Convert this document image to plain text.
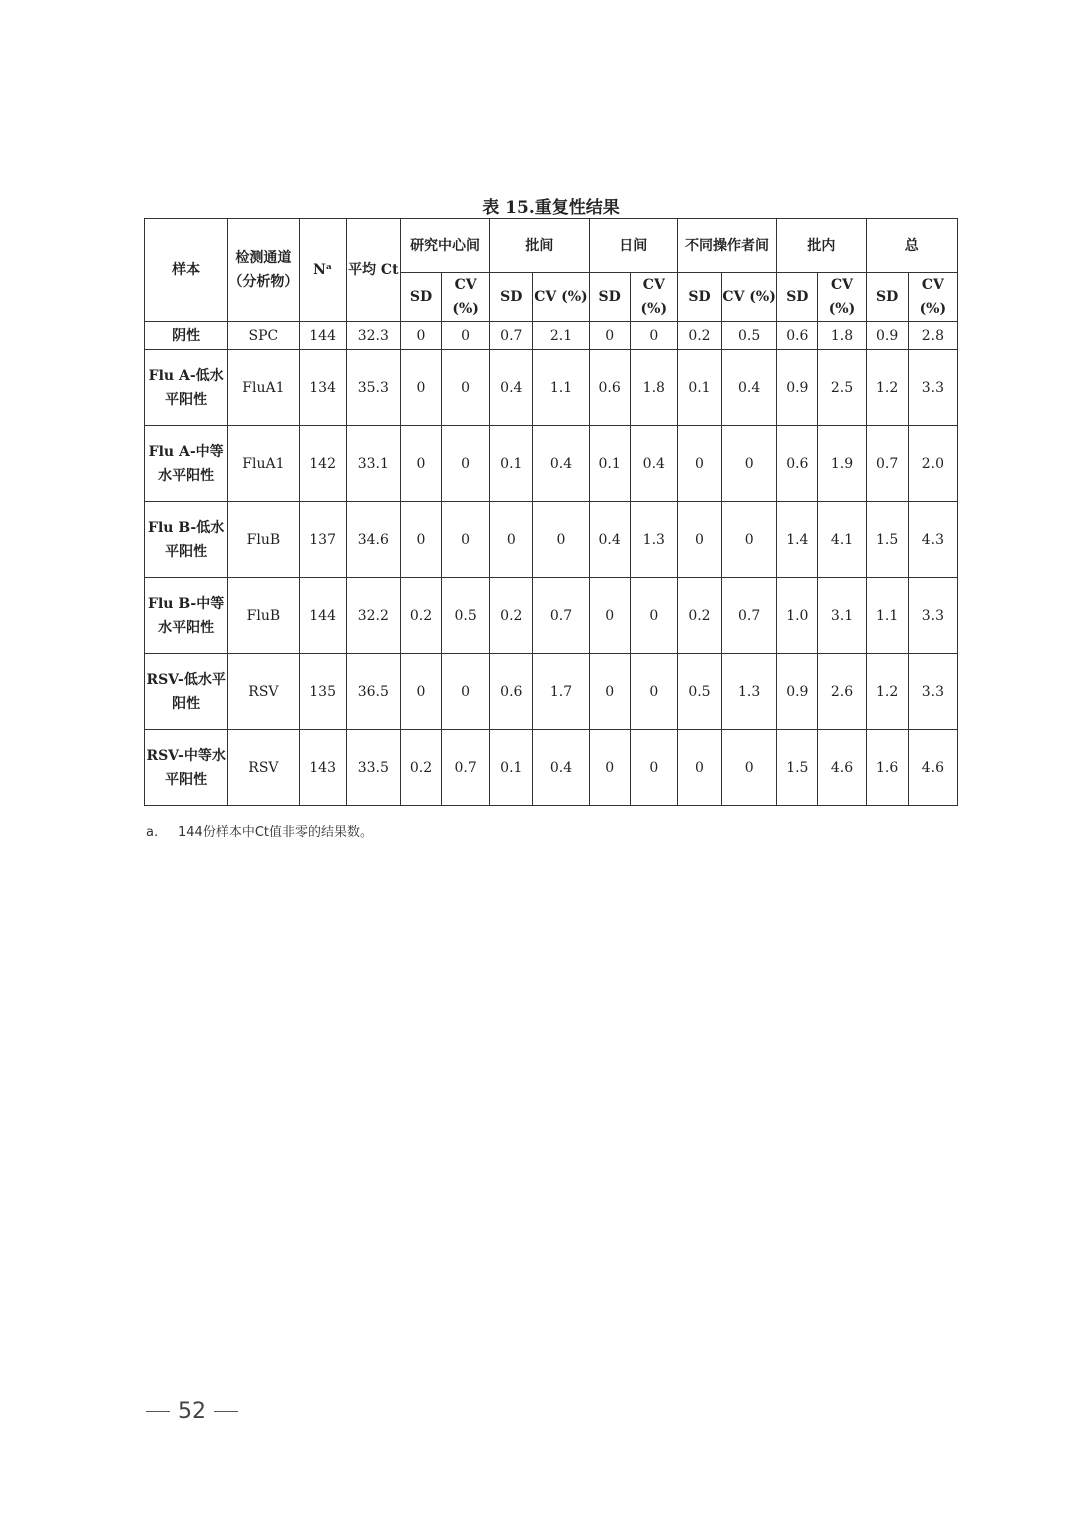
表 15.重复性结果
样本	检测通道（分析物）	Nᵃ	平均 Ct	研究中心间		批间		日间		不同操作者间		批内		总	
				SD	CV (%)	SD	CV (%)	SD	CV (%)	SD	CV (%)	SD	CV (%)	SD	CV (%)
阴性	SPC	144	32.3	0	0	0.7	2.1	0	0	0.2	0.5	0.6	1.8	0.9	2.8
Flu A-低水平阳性	FluA1	134	35.3	0	0	0.4	1.1	0.6	1.8	0.1	0.4	0.9	2.5	1.2	3.3
Flu A-中等水平阳性	FluA1	142	33.1	0	0	0.1	0.4	0.1	0.4	0	0	0.6	1.9	0.7	2.0
Flu B-低水平阳性	FluB	137	34.6	0	0	0	0	0.4	1.3	0	0	1.4	4.1	1.5	4.3
Flu B-中等水平阳性	FluB	144	32.2	0.2	0.5	0.2	0.7	0	0	0.2	0.7	1.0	3.1	1.1	3.3
RSV-低水平阳性	RSV	135	36.5	0	0	0.6	1.7	0	0	0.5	1.3	0.9	2.6	1.2	3.3
RSV-中等水平阳性	RSV	143	33.5	0.2	0.7	0.1	0.4	0	0	0	0	1.5	4.6	1.6	4.6
a. 144份样本中Ct值非零的结果数。
52
